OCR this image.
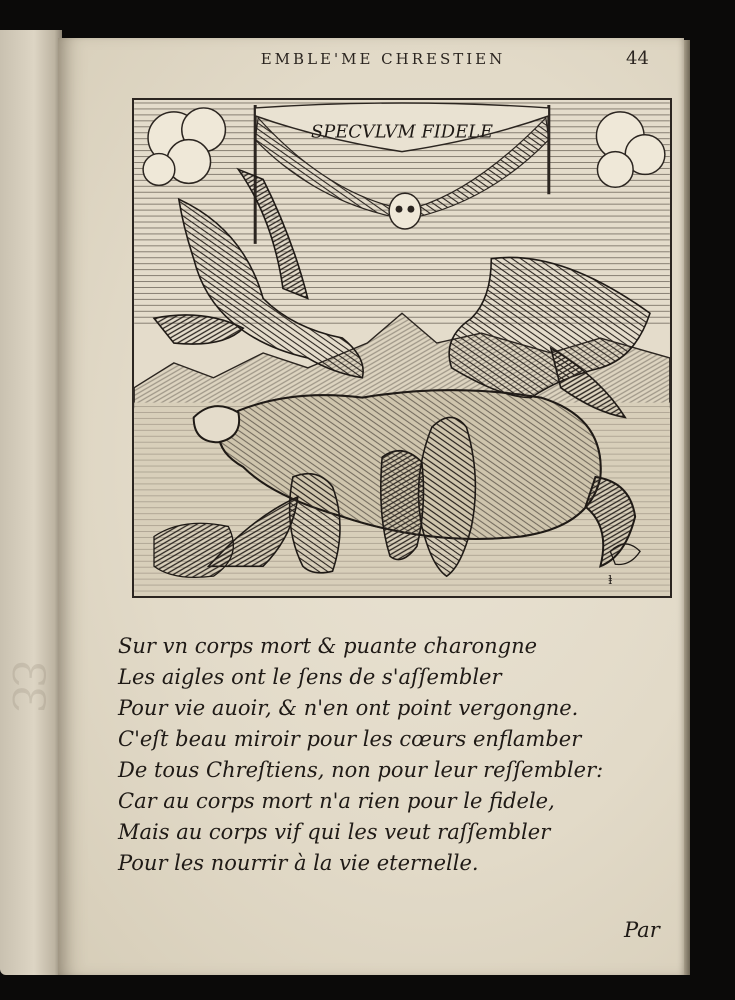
ƐƐ
EMBLE'ME CHRESTIEN	44
SPECVLVM FIDELE
ⱡ
Sur vn corps mort & puante charongne
Les aigles ont le ſens de s'aſſembler
Pour vie auoir, & n'en ont point vergongne.
C'eſt beau miroir pour les cœurs enflamber
De tous Chreſtiens, non pour leur reſſembler:
Car au corps mort n'a rien pour le fidele,
Mais au corps vif qui les veut raſſembler
Pour les nourrir à la vie eternelle.
Par
